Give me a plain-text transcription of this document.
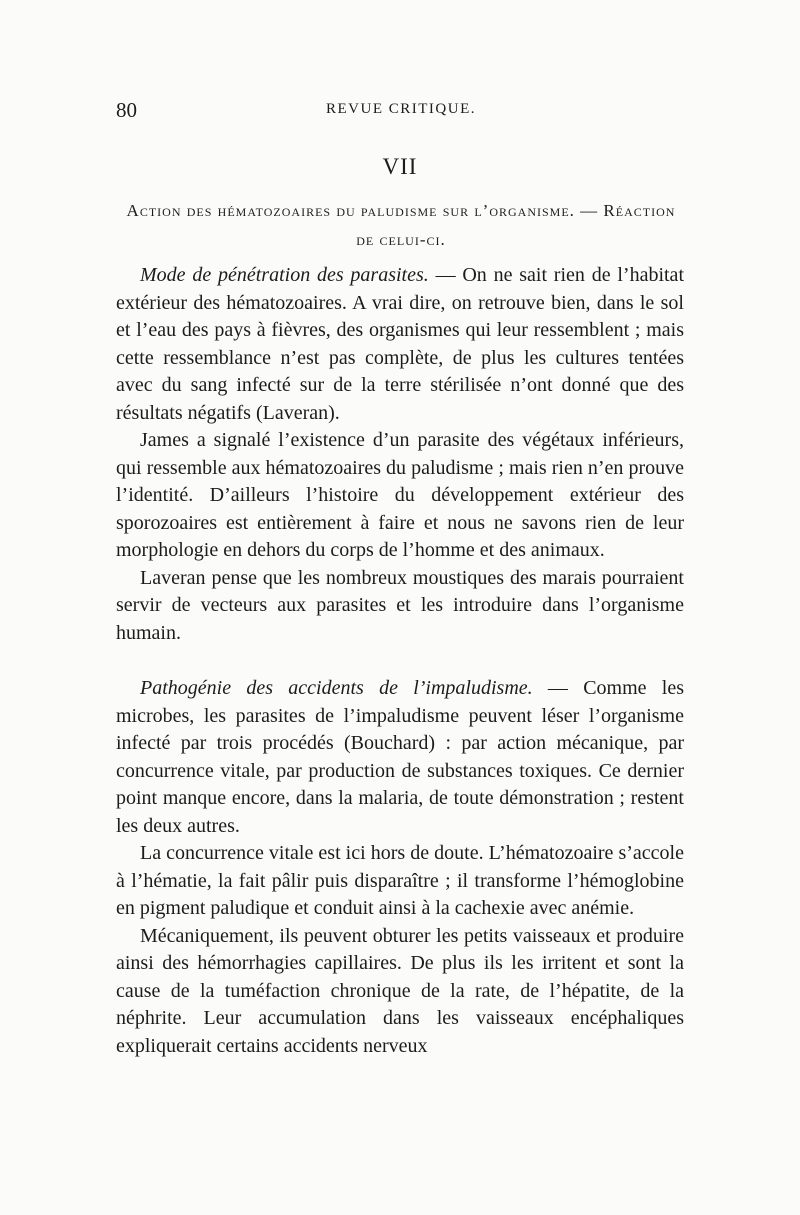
80	REVUE CRITIQUE.
VII
Action des hématozoaires du paludisme sur l’organisme. — Réaction de celui-ci.

Mode de pénétration des parasites. — On ne sait rien de l’habitat extérieur des hématozoaires. A vrai dire, on retrouve bien, dans le sol et l’eau des pays à fièvres, des organismes qui leur ressemblent ; mais cette ressemblance n’est pas complète, de plus les cultures tentées avec du sang infecté sur de la terre stérilisée n’ont donné que des résultats négatifs (Laveran).

James a signalé l’existence d’un parasite des végétaux inférieurs, qui ressemble aux hématozoaires du paludisme ; mais rien n’en prouve l’identité. D’ailleurs l’histoire du développement extérieur des sporozoaires est entièrement à faire et nous ne savons rien de leur morphologie en dehors du corps de l’homme et des animaux.

Laveran pense que les nombreux moustiques des marais pourraient servir de vecteurs aux parasites et les introduire dans l’organisme humain.

Pathogénie des accidents de l’impaludisme. — Comme les microbes, les parasites de l’impaludisme peuvent léser l’organisme infecté par trois procédés (Bouchard) : par action mécanique, par concurrence vitale, par production de substances toxiques. Ce dernier point manque encore, dans la malaria, de toute démonstration ; restent les deux autres.

La concurrence vitale est ici hors de doute. L’hématozoaire s’accole à l’hématie, la fait pâlir puis disparaître ; il transforme l’hémoglobine en pigment paludique et conduit ainsi à la cachexie avec anémie.

Mécaniquement, ils peuvent obturer les petits vaisseaux et produire ainsi des hémorrhagies capillaires. De plus ils les irritent et sont la cause de la tuméfaction chronique de la rate, de l’hépatite, de la néphrite. Leur accumulation dans les vaisseaux encéphaliques expliquerait certains accidents nerveux
